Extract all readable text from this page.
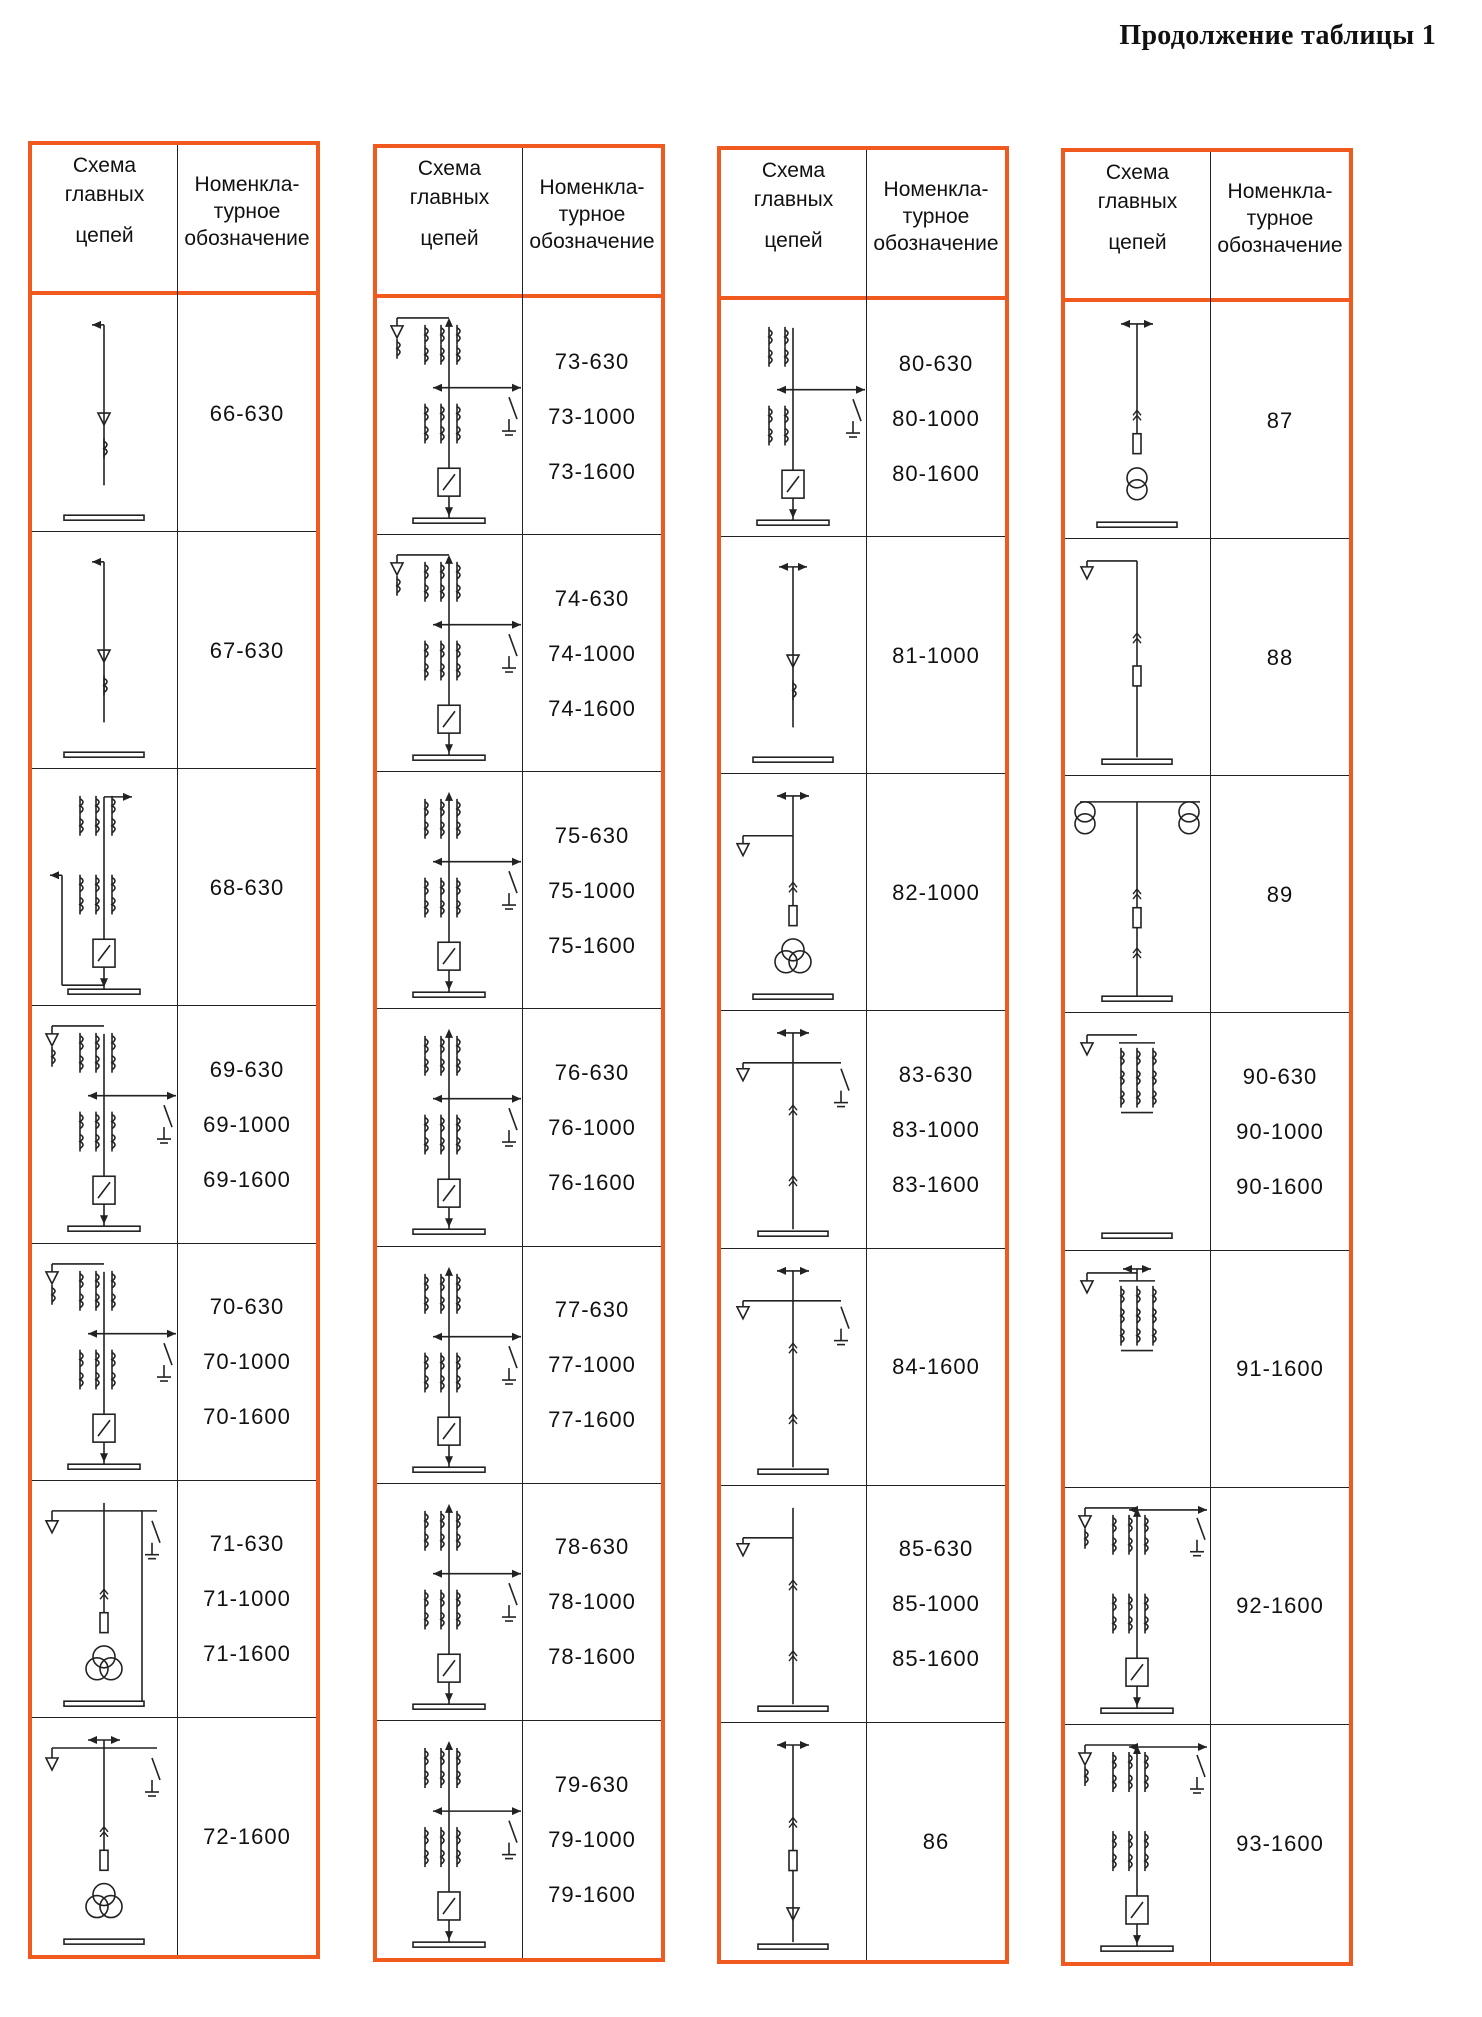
Продолжение таблицы 1
Схема
главных
цепей
Номенкла-
турное
обозначение
66-630
67-630
68-630
69-630
69-1000
69-1600
70-630
70-1000
70-1600
71-630
71-1000
71-1600
72-1600
Схема
главных
цепей
Номенкла-
турное
обозначение
73-630
73-1000
73-1600
74-630
74-1000
74-1600
75-630
75-1000
75-1600
76-630
76-1000
76-1600
77-630
77-1000
77-1600
78-630
78-1000
78-1600
79-630
79-1000
79-1600
Схема
главных
цепей
Номенкла-
турное
обозначение
80-630
80-1000
80-1600
81-1000
82-1000
83-630
83-1000
83-1600
84-1600
85-630
85-1000
85-1600
86
Схема
главных
цепей
Номенкла-
турное
обозначение
87
88
89
90-630
90-1000
90-1600
91-1600
92-1600
93-1600
